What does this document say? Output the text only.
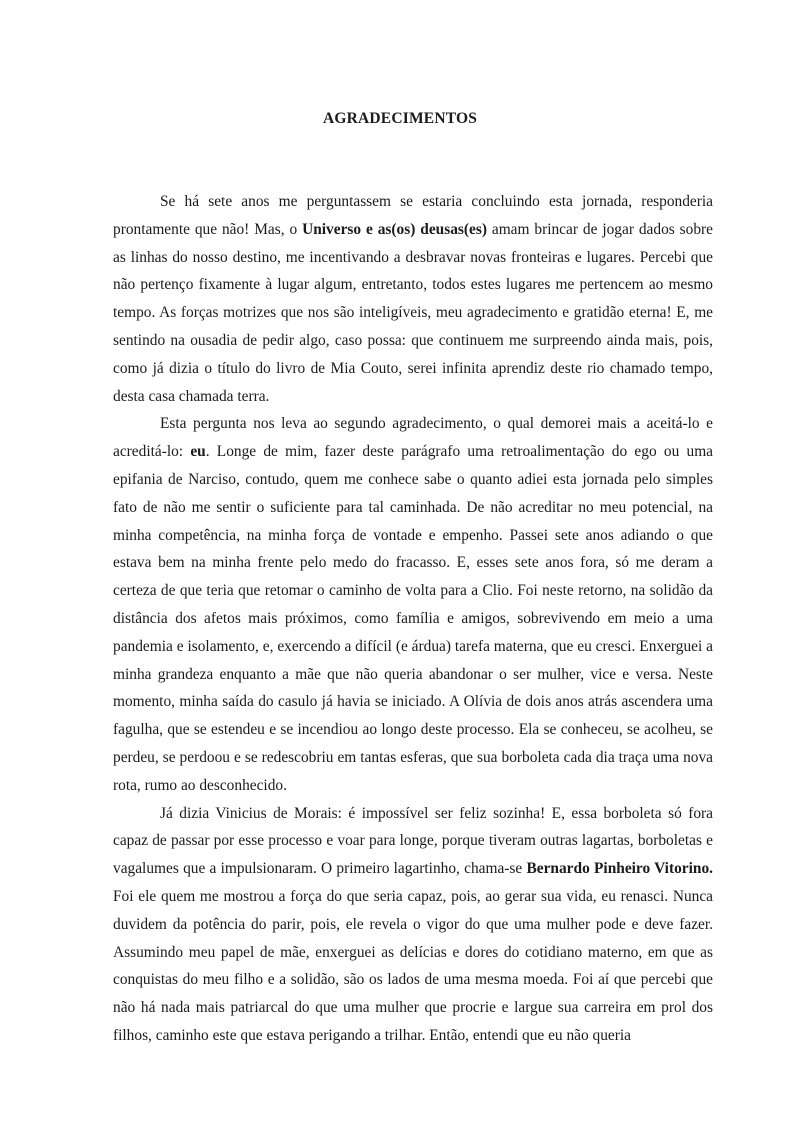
AGRADECIMENTOS

Se há sete anos me perguntassem se estaria concluindo esta jornada, responderia prontamente que não! Mas, o Universo e as(os) deusas(es) amam brincar de jogar dados sobre as linhas do nosso destino, me incentivando a desbravar novas fronteiras e lugares. Percebi que não pertenço fixamente à lugar algum, entretanto, todos estes lugares me pertencem ao mesmo tempo. As forças motrizes que nos são inteligíveis, meu agradecimento e gratidão eterna! E, me sentindo na ousadia de pedir algo, caso possa: que continuem me surpreendo ainda mais, pois, como já dizia o título do livro de Mia Couto, serei infinita aprendiz deste rio chamado tempo, desta casa chamada terra.

Esta pergunta nos leva ao segundo agradecimento, o qual demorei mais a aceitá-lo e acreditá-lo: eu. Longe de mim, fazer deste parágrafo uma retroalimentação do ego ou uma epifania de Narciso, contudo, quem me conhece sabe o quanto adiei esta jornada pelo simples fato de não me sentir o suficiente para tal caminhada. De não acreditar no meu potencial, na minha competência, na minha força de vontade e empenho. Passei sete anos adiando o que estava bem na minha frente pelo medo do fracasso. E, esses sete anos fora, só me deram a certeza de que teria que retomar o caminho de volta para a Clio. Foi neste retorno, na solidão da distância dos afetos mais próximos, como família e amigos, sobrevivendo em meio a uma pandemia e isolamento, e, exercendo a difícil (e árdua) tarefa materna, que eu cresci. Enxerguei a minha grandeza enquanto a mãe que não queria abandonar o ser mulher, vice e versa. Neste momento, minha saída do casulo já havia se iniciado. A Olívia de dois anos atrás ascendera uma fagulha, que se estendeu e se incendiou ao longo deste processo. Ela se conheceu, se acolheu, se perdeu, se perdoou e se redescobriu em tantas esferas, que sua borboleta cada dia traça uma nova rota, rumo ao desconhecido.

Já dizia Vinicius de Morais: é impossível ser feliz sozinha! E, essa borboleta só fora capaz de passar por esse processo e voar para longe, porque tiveram outras lagartas, borboletas e vagalumes que a impulsionaram. O primeiro lagartinho, chama-se Bernardo Pinheiro Vitorino. Foi ele quem me mostrou a força do que seria capaz, pois, ao gerar sua vida, eu renasci. Nunca duvidem da potência do parir, pois, ele revela o vigor do que uma mulher pode e deve fazer. Assumindo meu papel de mãe, enxerguei as delícias e dores do cotidiano materno, em que as conquistas do meu filho e a solidão, são os lados de uma mesma moeda. Foi aí que percebi que não há nada mais patriarcal do que uma mulher que procrie e largue sua carreira em prol dos filhos, caminho este que estava perigando a trilhar. Então, entendi que eu não queria
